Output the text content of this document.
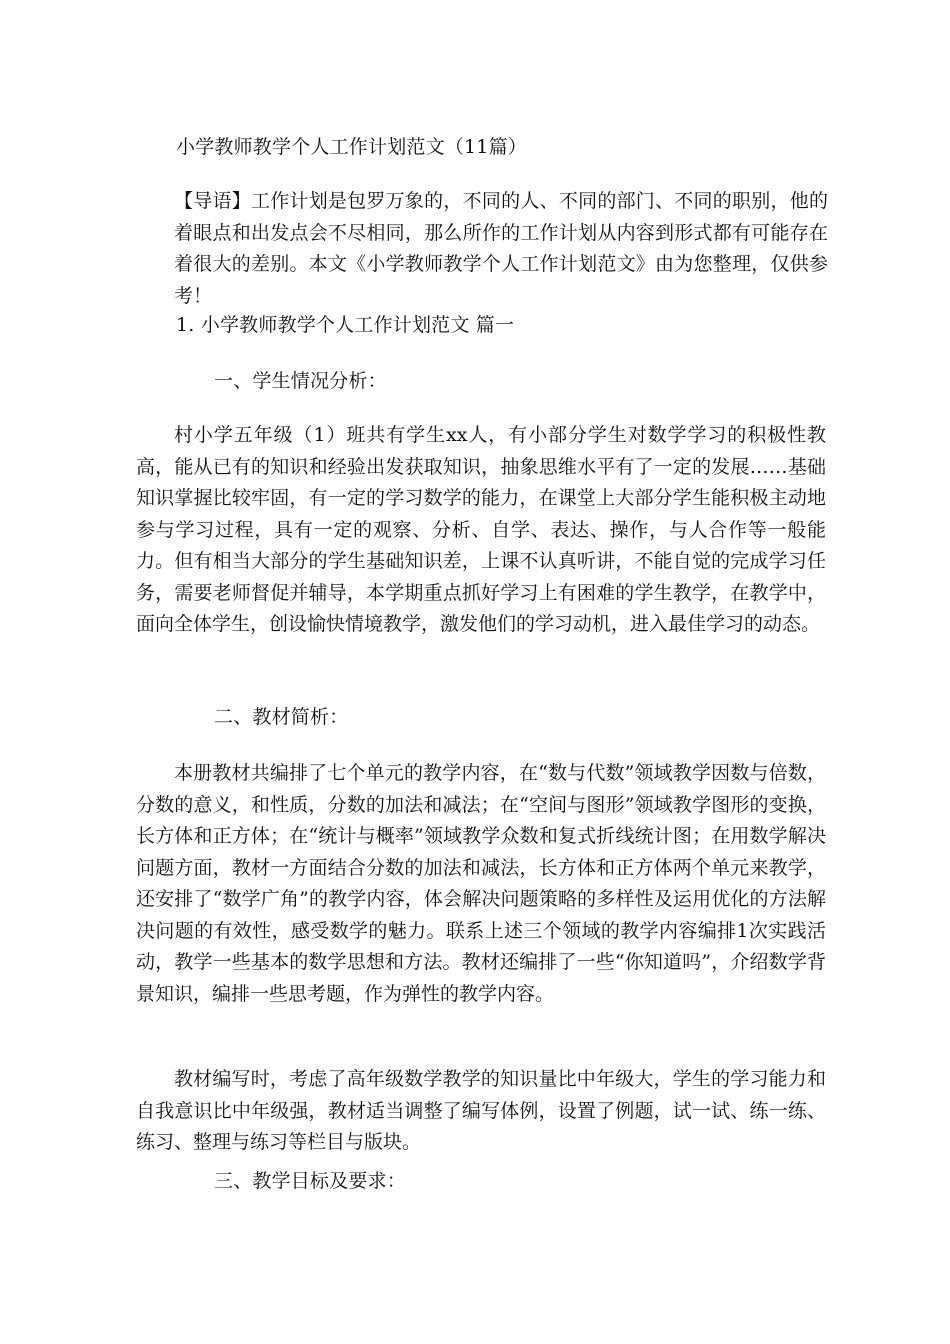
小学教师教学个人工作计划范文（11篇）
【导语】工作计划是包罗万象的，不同的人、不同的部门、不同的职别，他的着眼点和出发点会不尽相同，那么所作的工作计划从内容到形式都有可能存在着很大的差别。本文《小学教师教学个人工作计划范文》由为您整理，仅供参考！
1. 小学教师教学个人工作计划范文 篇一
一、学生情况分析：
村小学五年级（1）班共有学生xx人，有小部分学生对数学学习的积极性教高，能从已有的知识和经验出发获取知识，抽象思维水平有了一定的发展……基础知识掌握比较牢固，有一定的学习数学的能力，在课堂上大部分学生能积极主动地参与学习过程，具有一定的观察、分析、自学、表达、操作，与人合作等一般能力。但有相当大部分的学生基础知识差，上课不认真听讲，不能自觉的完成学习任务，需要老师督促并辅导，本学期重点抓好学习上有困难的学生教学，在教学中，面向全体学生，创设愉快情境教学，激发他们的学习动机，进入最佳学习的动态。
二、教材简析：
本册教材共编排了七个单元的教学内容，在“数与代数”领域教学因数与倍数，分数的意义，和性质，分数的加法和减法；在“空间与图形”领域教学图形的变换，长方体和正方体；在“统计与概率”领域教学众数和复式折线统计图；在用数学解决问题方面，教材一方面结合分数的加法和减法，长方体和正方体两个单元来教学，还安排了“数学广角”的教学内容，体会解决问题策略的多样性及运用优化的方法解决问题的有效性，感受数学的魅力。联系上述三个领域的教学内容编排1次实践活动，教学一些基本的数学思想和方法。教材还编排了一些“你知道吗”，介绍数学背景知识，编排一些思考题，作为弹性的教学内容。
教材编写时，考虑了高年级数学教学的知识量比中年级大，学生的学习能力和自我意识比中年级强，教材适当调整了编写体例，设置了例题，试一试、练一练、练习、整理与练习等栏目与版块。
三、教学目标及要求：
